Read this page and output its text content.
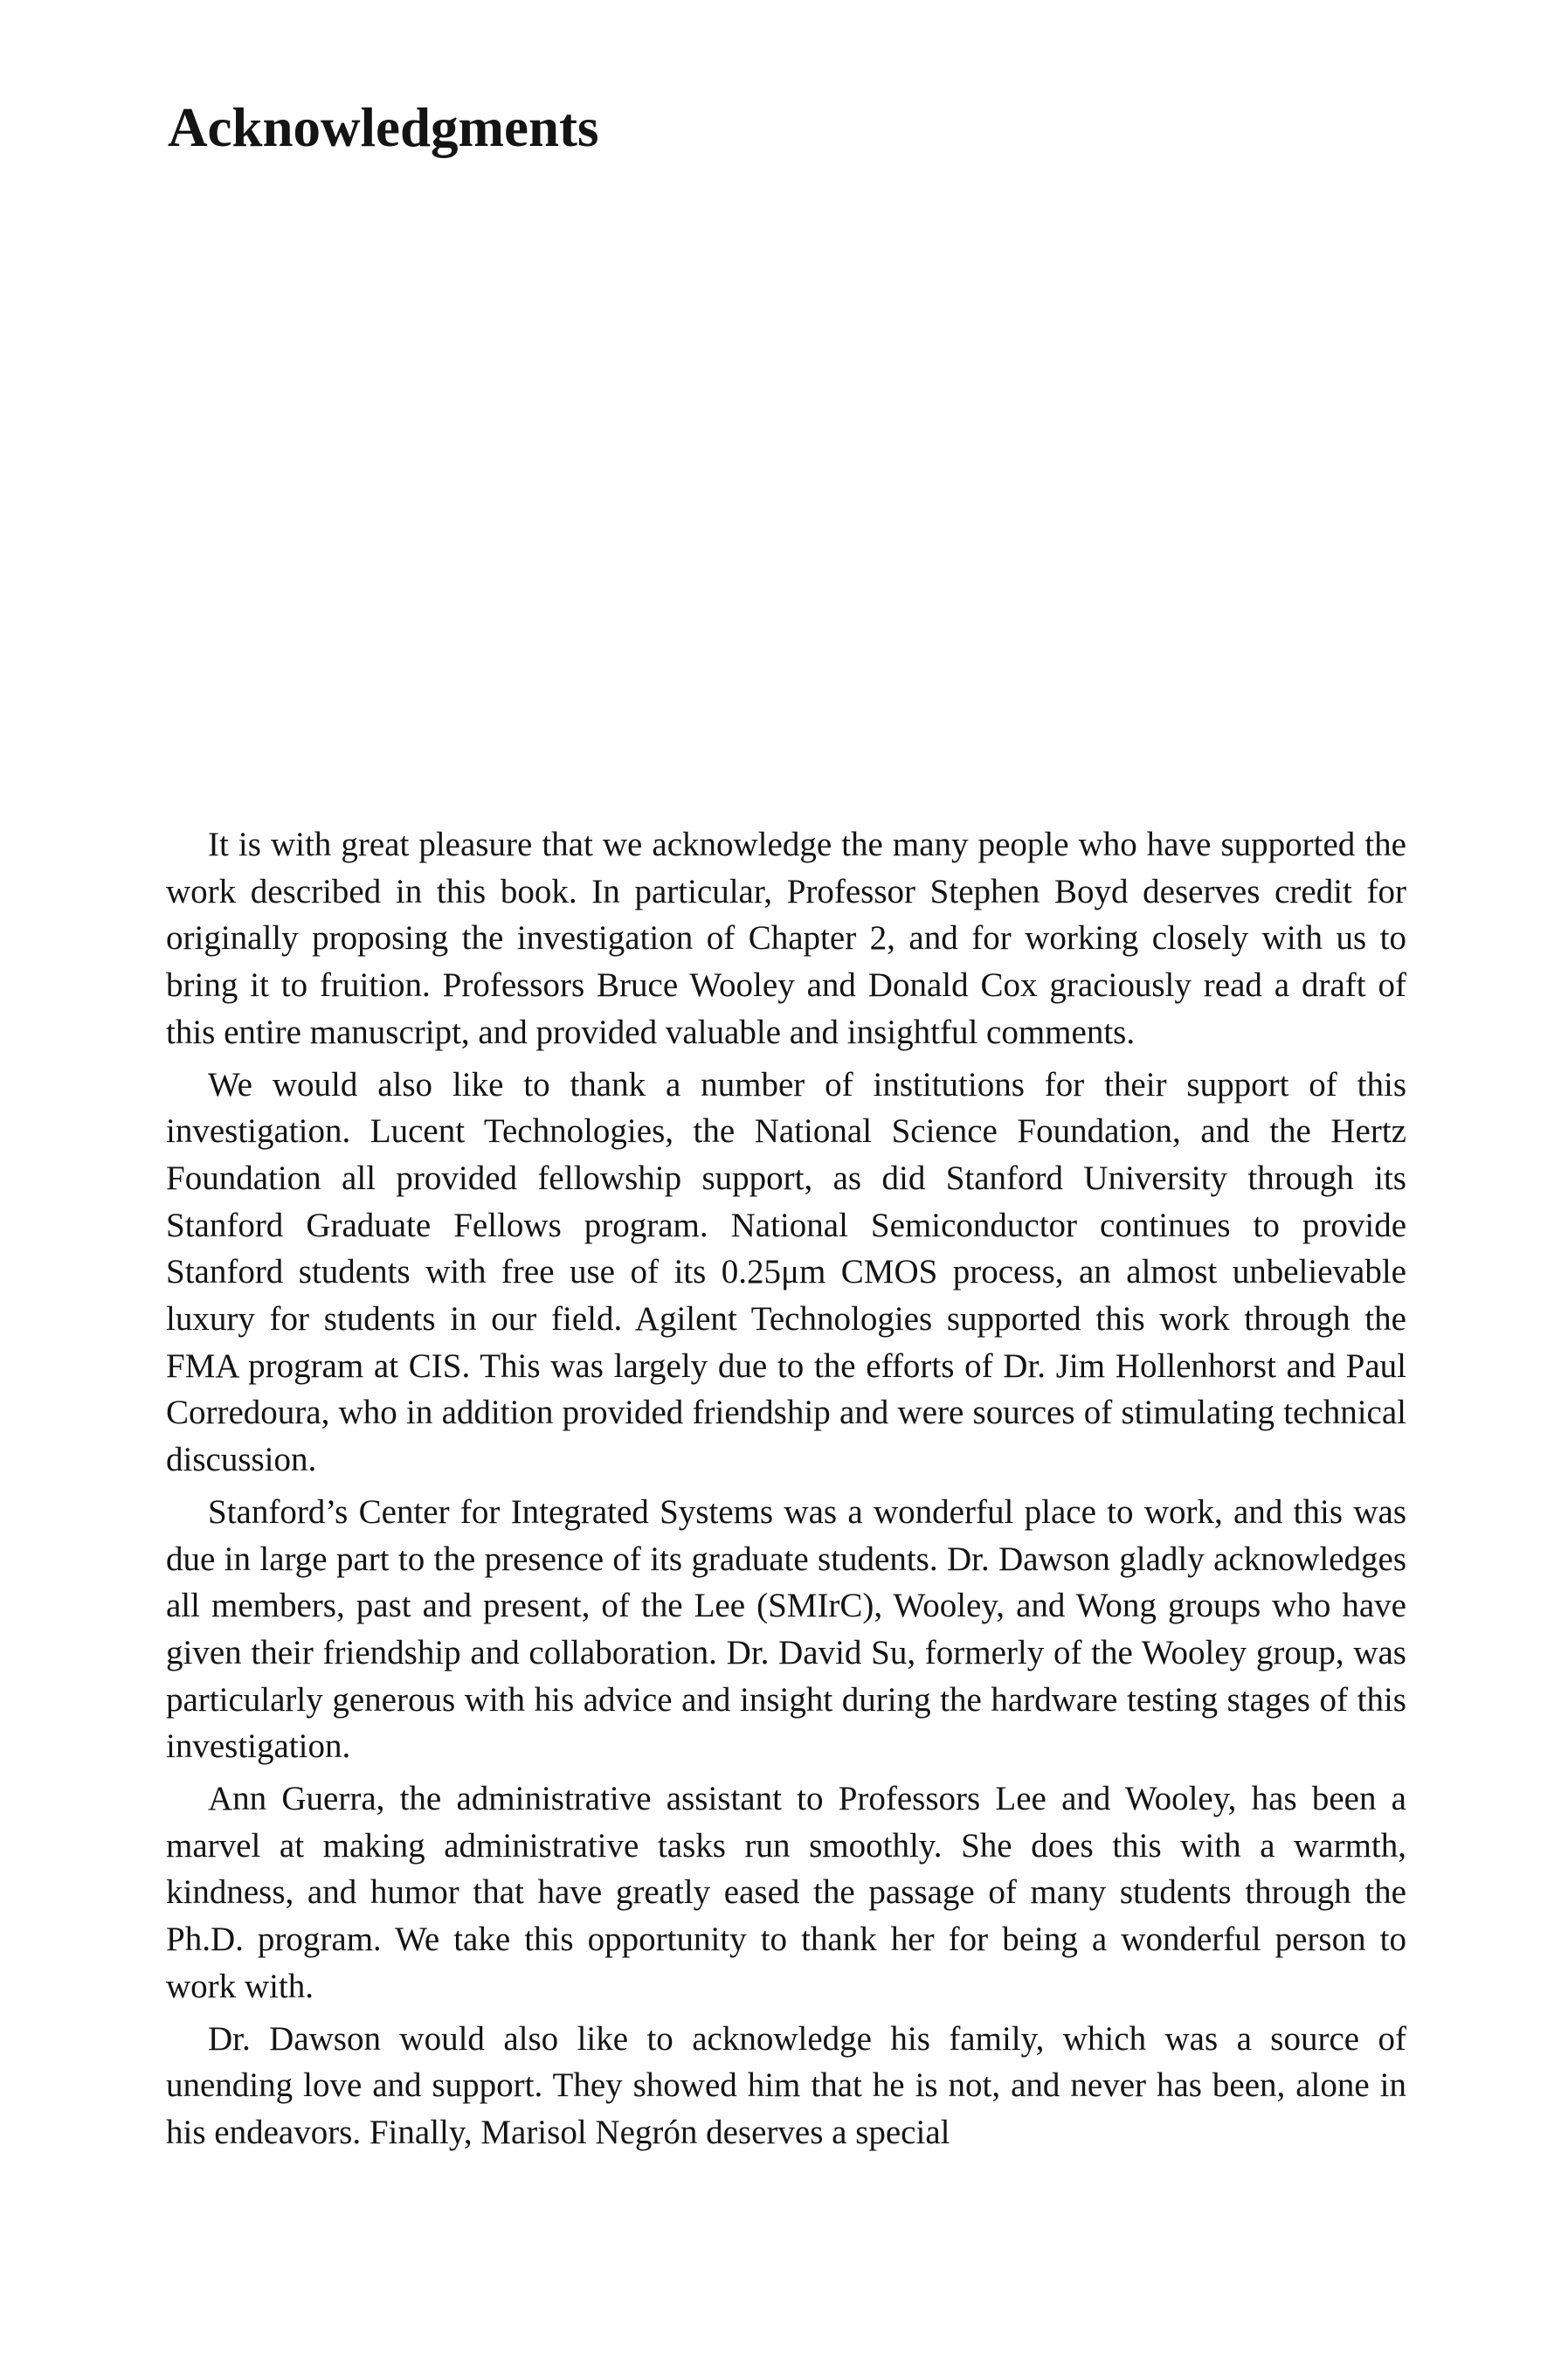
Acknowledgments

It is with great pleasure that we acknowledge the many people who have supported the work described in this book. In particular, Professor Stephen Boyd deserves credit for originally proposing the investigation of Chapter 2, and for working closely with us to bring it to fruition. Professors Bruce Wooley and Donald Cox graciously read a draft of this entire manuscript, and provided valuable and insightful comments.

We would also like to thank a number of institutions for their support of this investigation. Lucent Technologies, the National Science Foundation, and the Hertz Foundation all provided fellowship support, as did Stanford University through its Stanford Graduate Fellows program. National Semiconductor continues to provide Stanford students with free use of its 0.25μm CMOS process, an almost unbelievable luxury for students in our field. Agilent Technologies supported this work through the FMA program at CIS. This was largely due to the efforts of Dr. Jim Hollenhorst and Paul Corredoura, who in addition provided friendship and were sources of stimulating technical discussion.

Stanford’s Center for Integrated Systems was a wonderful place to work, and this was due in large part to the presence of its graduate students. Dr. Dawson gladly acknowledges all members, past and present, of the Lee (SMIrC), Wooley, and Wong groups who have given their friendship and collaboration. Dr. David Su, formerly of the Wooley group, was particularly generous with his advice and insight during the hardware testing stages of this investigation.

Ann Guerra, the administrative assistant to Professors Lee and Wooley, has been a marvel at making administrative tasks run smoothly. She does this with a warmth, kindness, and humor that have greatly eased the passage of many students through the Ph.D. program. We take this opportunity to thank her for being a wonderful person to work with.

Dr. Dawson would also like to acknowledge his family, which was a source of unending love and support. They showed him that he is not, and never has been, alone in his endeavors. Finally, Marisol Negrón deserves a special
